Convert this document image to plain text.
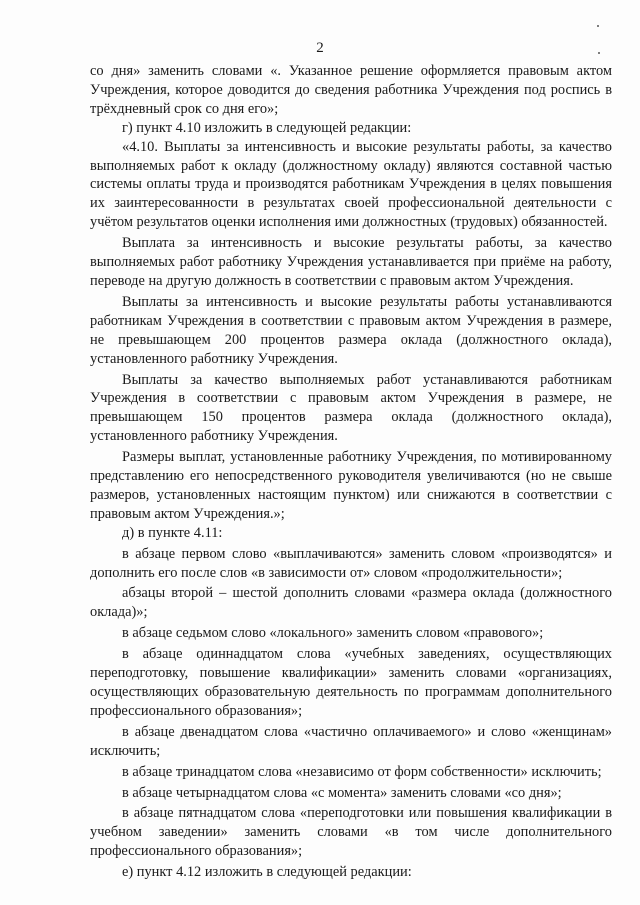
2

со дня» заменить словами «. Указанное решение оформляется правовым актом Учреждения, которое доводится до сведения работника Учреждения под роспись в трёхдневный срок со дня его»;

г) пункт 4.10 изложить в следующей редакции:

«4.10. Выплаты за интенсивность и высокие результаты работы, за качество выполняемых работ к окладу (должностному окладу) являются составной частью системы оплаты труда и производятся работникам Учреждения в целях повышения их заинтересованности в результатах своей профессиональной деятельности с учётом результатов оценки исполнения ими должностных (трудовых) обязанностей.

Выплата за интенсивность и высокие результаты работы, за качество выполняемых работ работнику Учреждения устанавливается при приёме на работу, переводе на другую должность в соответствии с правовым актом Учреждения.

Выплаты за интенсивность и высокие результаты работы устанавливаются работникам Учреждения в соответствии с правовым актом Учреждения в размере, не превышающем 200 процентов размера оклада (должностного оклада), установленного работнику Учреждения.

Выплаты за качество выполняемых работ устанавливаются работникам Учреждения в соответствии с правовым актом Учреждения в размере, не превышающем 150 процентов размера оклада (должностного оклада), установленного работнику Учреждения.

Размеры выплат, установленные работнику Учреждения, по мотивированному представлению его непосредственного руководителя увеличиваются (но не свыше размеров, установленных настоящим пунктом) или снижаются в соответствии с правовым актом Учреждения.»;

д) в пункте 4.11:

в абзаце первом слово «выплачиваются» заменить словом «производятся» и дополнить его после слов «в зависимости от» словом «продолжительности»;

абзацы второй – шестой дополнить словами «размера оклада (должностного оклада)»;

в абзаце седьмом слово «локального» заменить словом «правового»;

в абзаце одиннадцатом слова «учебных заведениях, осуществляющих переподготовку, повышение квалификации» заменить словами «организациях, осуществляющих образовательную деятельность по программам дополнительного профессионального образования»;

в абзаце двенадцатом слова «частично оплачиваемого» и слово «женщинам» исключить;

в абзаце тринадцатом слова «независимо от форм собственности» исключить;

в абзаце четырнадцатом слова «с момента» заменить словами «со дня»;

в абзаце пятнадцатом слова «переподготовки или повышения квалификации в учебном заведении» заменить словами «в том числе дополнительного профессионального образования»;

е) пункт 4.12 изложить в следующей редакции:
